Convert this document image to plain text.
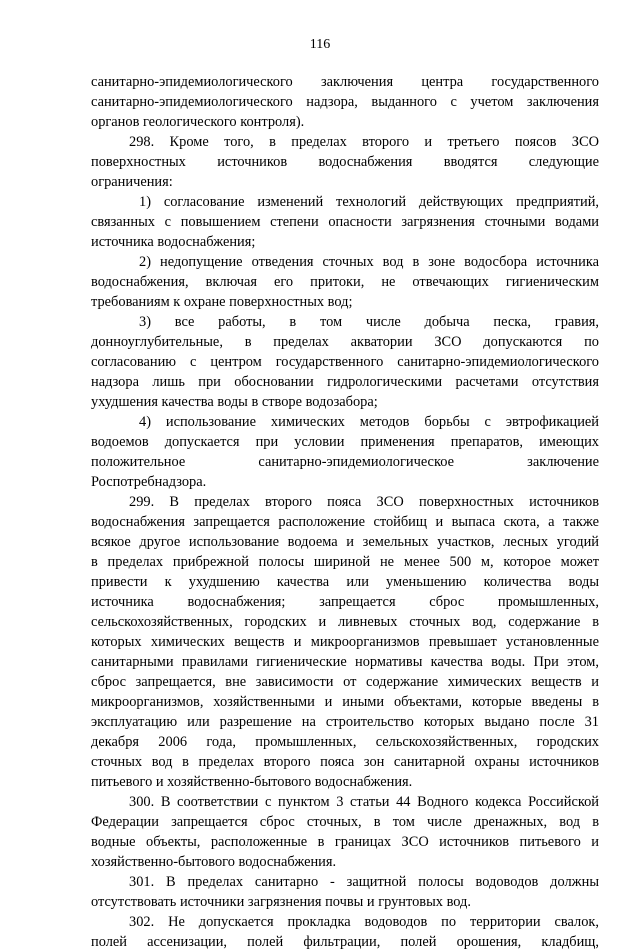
116
санитарно-эпидемиологического заключения центра государственного
санитарно-эпидемиологического надзора, выданного с учетом заключения
органов геологического контроля).
298. Кроме того, в пределах второго и третьего поясов ЗСО
поверхностных источников водоснабжения вводятся следующие
ограничения:
1) согласование изменений технологий действующих предприятий,
связанных с повышением степени опасности загрязнения сточными водами
источника водоснабжения;
2) недопущение отведения сточных вод в зоне водосбора источника
водоснабжения, включая его притоки, не отвечающих гигиеническим
требованиям к охране поверхностных вод;
3) все работы, в том числе добыча песка, гравия,
донноуглубительные, в пределах акватории ЗСО допускаются по
согласованию с центром государственного санитарно-эпидемиологического
надзора лишь при обосновании гидрологическими расчетами отсутствия
ухудшения качества воды в створе водозабора;
4) использование химических методов борьбы с эвтрофикацией
водоемов допускается при условии применения препаратов, имеющих
положительное санитарно-эпидемиологическое заключение
Роспотребнадзора.
299. В пределах второго пояса ЗСО поверхностных источников
водоснабжения запрещается расположение стойбищ и выпаса скота, а также
всякое другое использование водоема и земельных участков, лесных угодий
в пределах прибрежной полосы шириной не менее 500 м, которое может
привести к ухудшению качества или уменьшению количества воды
источника водоснабжения; запрещается сброс промышленных,
сельскохозяйственных, городских и ливневых сточных вод, содержание в
которых химических веществ и микроорганизмов превышает установленные
санитарными правилами гигиенические нормативы качества воды. При этом,
сброс запрещается, вне зависимости от содержание химических веществ и
микроорганизмов, хозяйственными и иными объектами, которые введены в
эксплуатацию или разрешение на строительство которых выдано после 31
декабря 2006 года, промышленных, сельскохозяйственных, городских
сточных вод в пределах второго пояса зон санитарной охраны источников
питьевого и хозяйственно-бытового водоснабжения.
300. В соответствии с пунктом 3 статьи 44 Водного кодекса Российской
Федерации запрещается сброс сточных, в том числе дренажных, вод в
водные объекты, расположенные в границах ЗСО источников питьевого и
хозяйственно-бытового водоснабжения.
301. В пределах санитарно - защитной полосы водоводов должны
отсутствовать источники загрязнения почвы и грунтовых вод.
302. Не допускается прокладка водоводов по территории свалок,
полей ассенизации, полей фильтрации, полей орошения, кладбищ,
